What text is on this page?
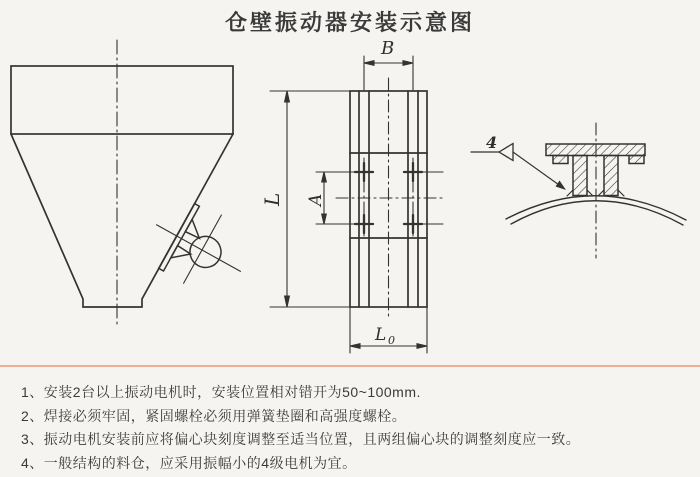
仓壁振动器安装示意图
B
L A
L 0
4
1、安装2台以上振动电机时，安装位置相对错开为50~100mm.
2、焊接必须牢固，紧固螺栓必须用弹簧垫圈和高强度螺栓。
3、振动电机安装前应将偏心块刻度调整至适当位置，且两组偏心块的调整刻度应一致。
4、一般结构的料仓，应采用振幅小的4级电机为宜。
